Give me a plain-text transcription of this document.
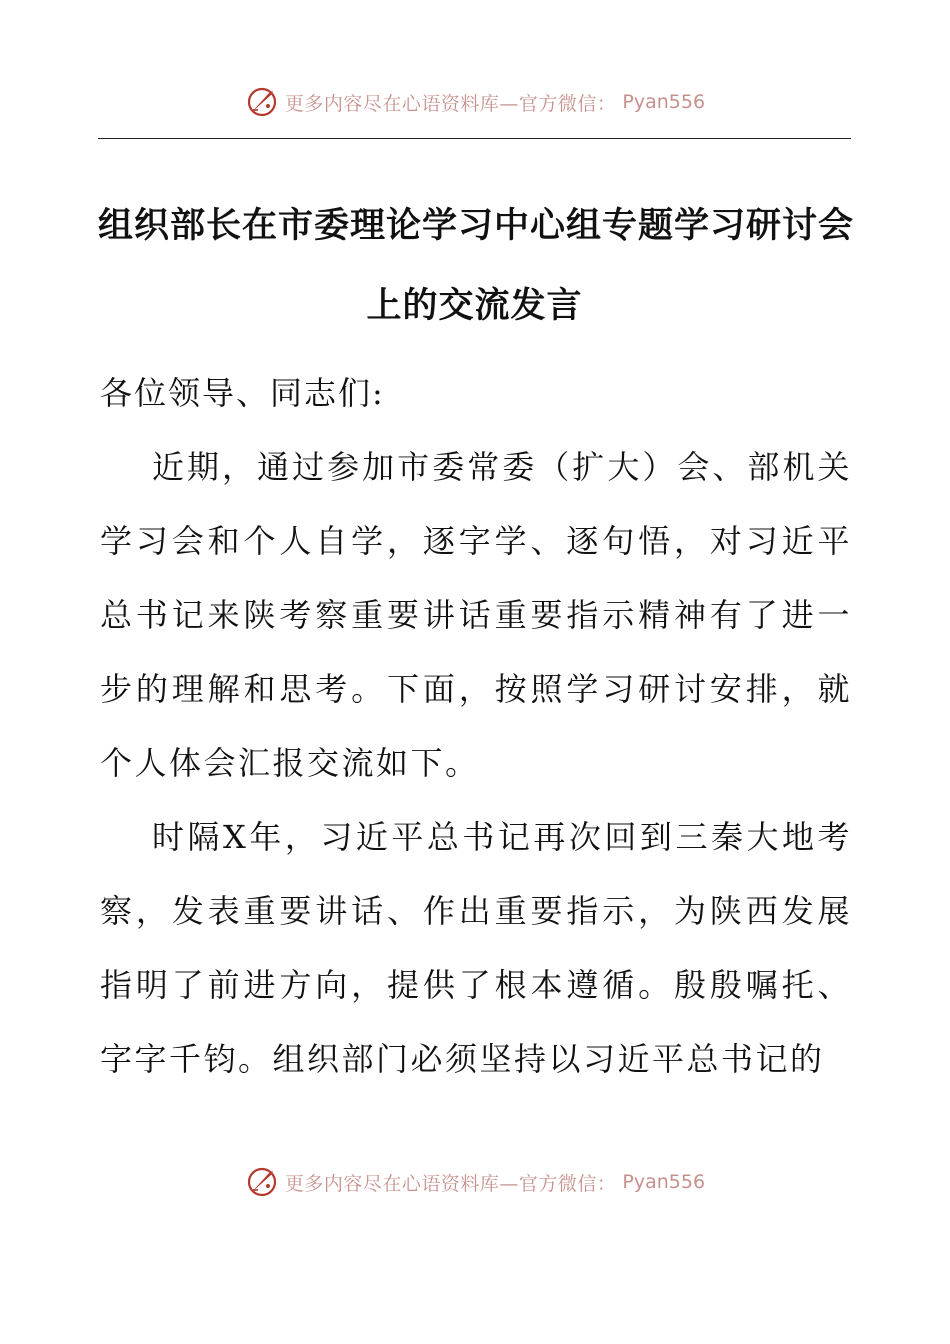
更多内容尽在心语资料库—官方微信： Pyan556
组织部长在市委理论学习中心组专题学习研讨会
上的交流发言

各位领导、同志们:

近期，通过参加市委常委（扩大）会、部机关学习会和个人自学，逐字学、逐句悟，对习近平总书记来陕考察重要讲话重要指示精神有了进一步的理解和思考。下面，按照学习研讨安排，就个人体会汇报交流如下。

时隔X年，习近平总书记再次回到三秦大地考察，发表重要讲话、作出重要指示，为陕西发展指明了前进方向，提供了根本遵循。殷殷嘱托、字字千钧。组织部门必须坚持以习近平总书记的

更多内容尽在心语资料库—官方微信： Pyan556
